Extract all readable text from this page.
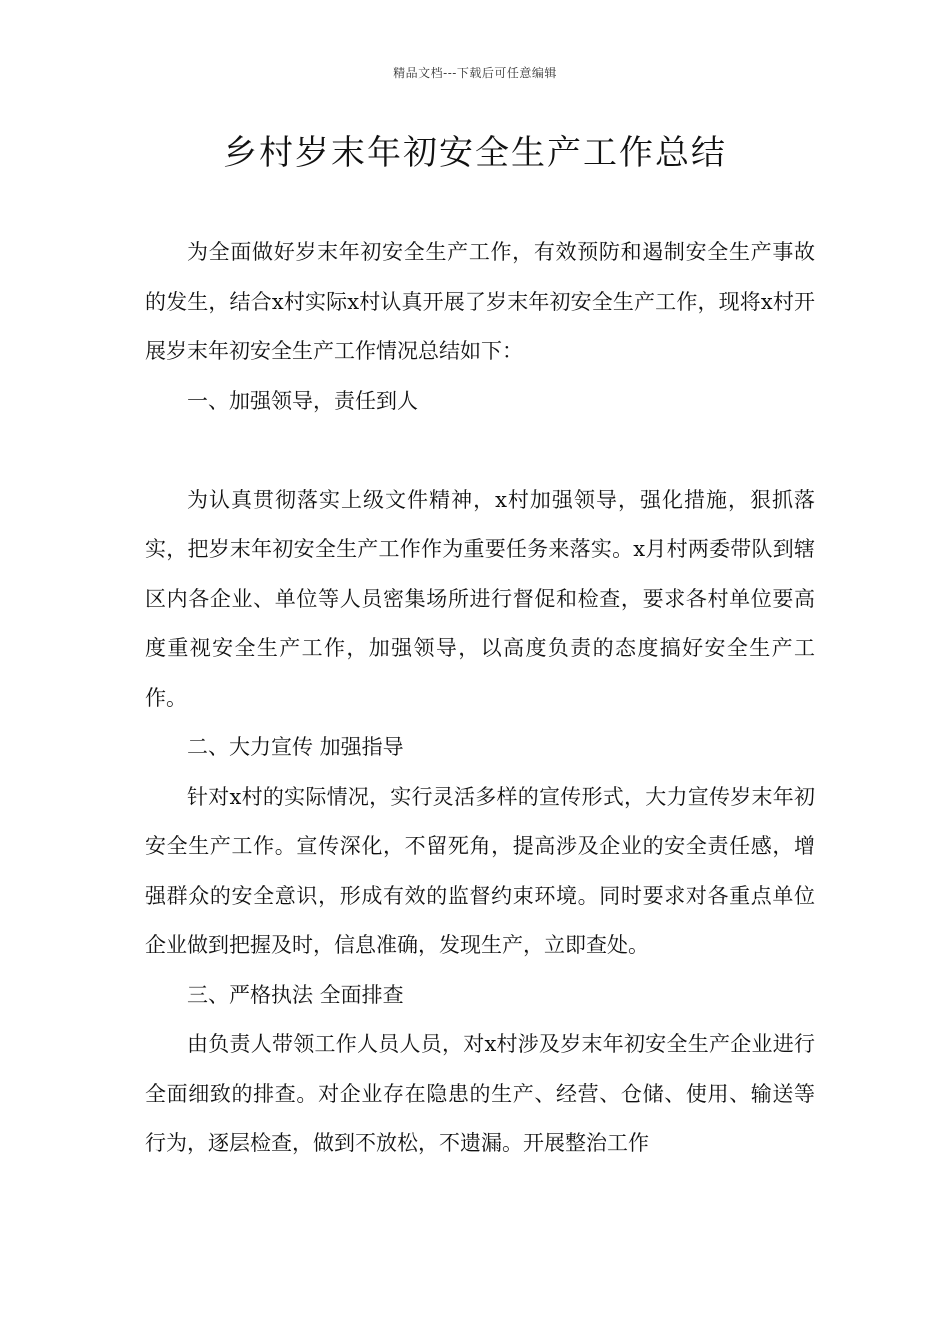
精品文档---下载后可任意编辑
乡村岁末年初安全生产工作总结

为全面做好岁末年初安全生产工作，有效预防和遏制安全生产事故的发生，结合x村实际x村认真开展了岁末年初安全生产工作，现将x村开展岁末年初安全生产工作情况总结如下：

一、加强领导，责任到人

为认真贯彻落实上级文件精神，x村加强领导，强化措施，狠抓落实，把岁末年初安全生产工作作为重要任务来落实。x月村两委带队到辖区内各企业、单位等人员密集场所进行督促和检查，要求各村单位要高度重视安全生产工作，加强领导，以高度负责的态度搞好安全生产工作。

二、大力宣传 加强指导

针对x村的实际情况，实行灵活多样的宣传形式，大力宣传岁末年初安全生产工作。宣传深化，不留死角，提高涉及企业的安全责任感，增强群众的安全意识，形成有效的监督约束环境。同时要求对各重点单位企业做到把握及时，信息准确，发现生产，立即查处。

三、严格执法 全面排查

由负责人带领工作人员人员，对x村涉及岁末年初安全生产企业进行全面细致的排查。对企业存在隐患的生产、经营、仓储、使用、输送等行为，逐层检查，做到不放松，不遗漏。开展整治工作
